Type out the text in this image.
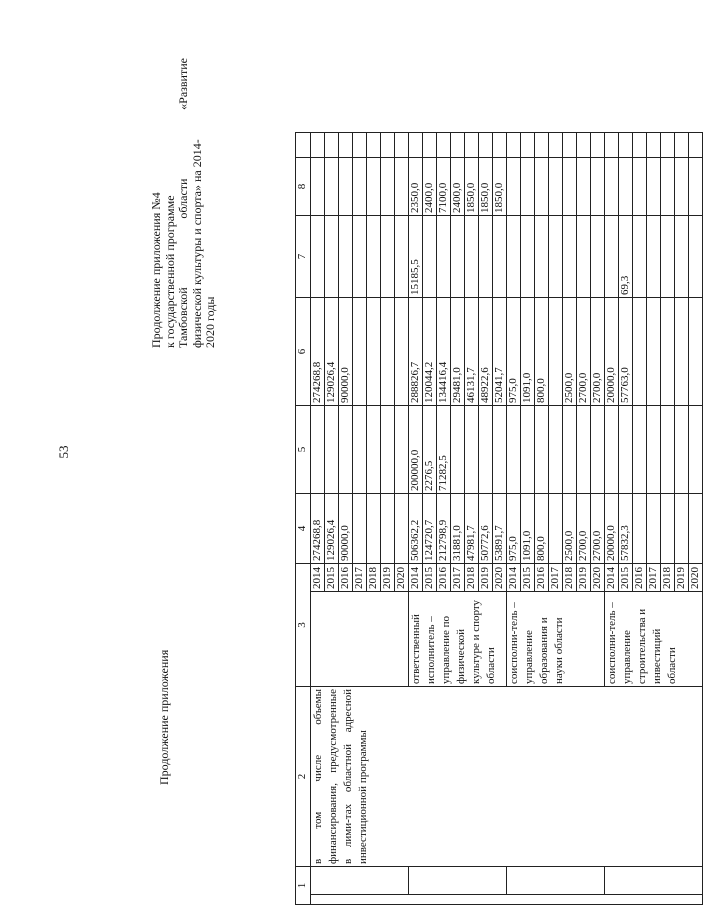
53
Продолжение приложения
Продолжение приложения №4 к государственной программе Тамбовской
области
«Развитие
физической культуры и спорта» на 2014- 2020 годы
1		2	3		4	5	6	7	8	
		в том числе объемы финансирования, предусмотренные в лими-тах областной адресной инвестиционной программы		2014	274268,8		274268,8			
				2015	129026,4		129026,4			
				2016	90000,0		90000,0			
				2017						
				2018						
				2019						
				2020						
			ответственный исполнитель – управление по физической культуре и спорту области	2014	506362,2	200000,0	288826,7	15185,5	2350,0	
				2015	124720,7	2276,5	120044,2		2400,0	
				2016	212798,9	71282,5	134416,4		7100,0	
				2017	31881,0		29481,0		2400,0	
				2018	47981,7		46131,7		1850,0	
				2019	50772,6		48922,6		1850,0	
				2020	53891,7		52041,7		1850,0	
			соисполни-тель – управление образования и науки области	2014	975,0		975,0			
				2015	1091,0		1091,0			
				2016	800,0		800,0			
				2017						
				2018	2500,0		2500,0			
				2019	2700,0		2700,0			
				2020	2700,0		2700,0			
			соисполни-тель – управление строительства и инвестиций области	2014	20000,0		20000,0			
				2015	57832,3		57763,0	69,3		
				2016						
				2017						
				2018						
				2019						
				2020						
